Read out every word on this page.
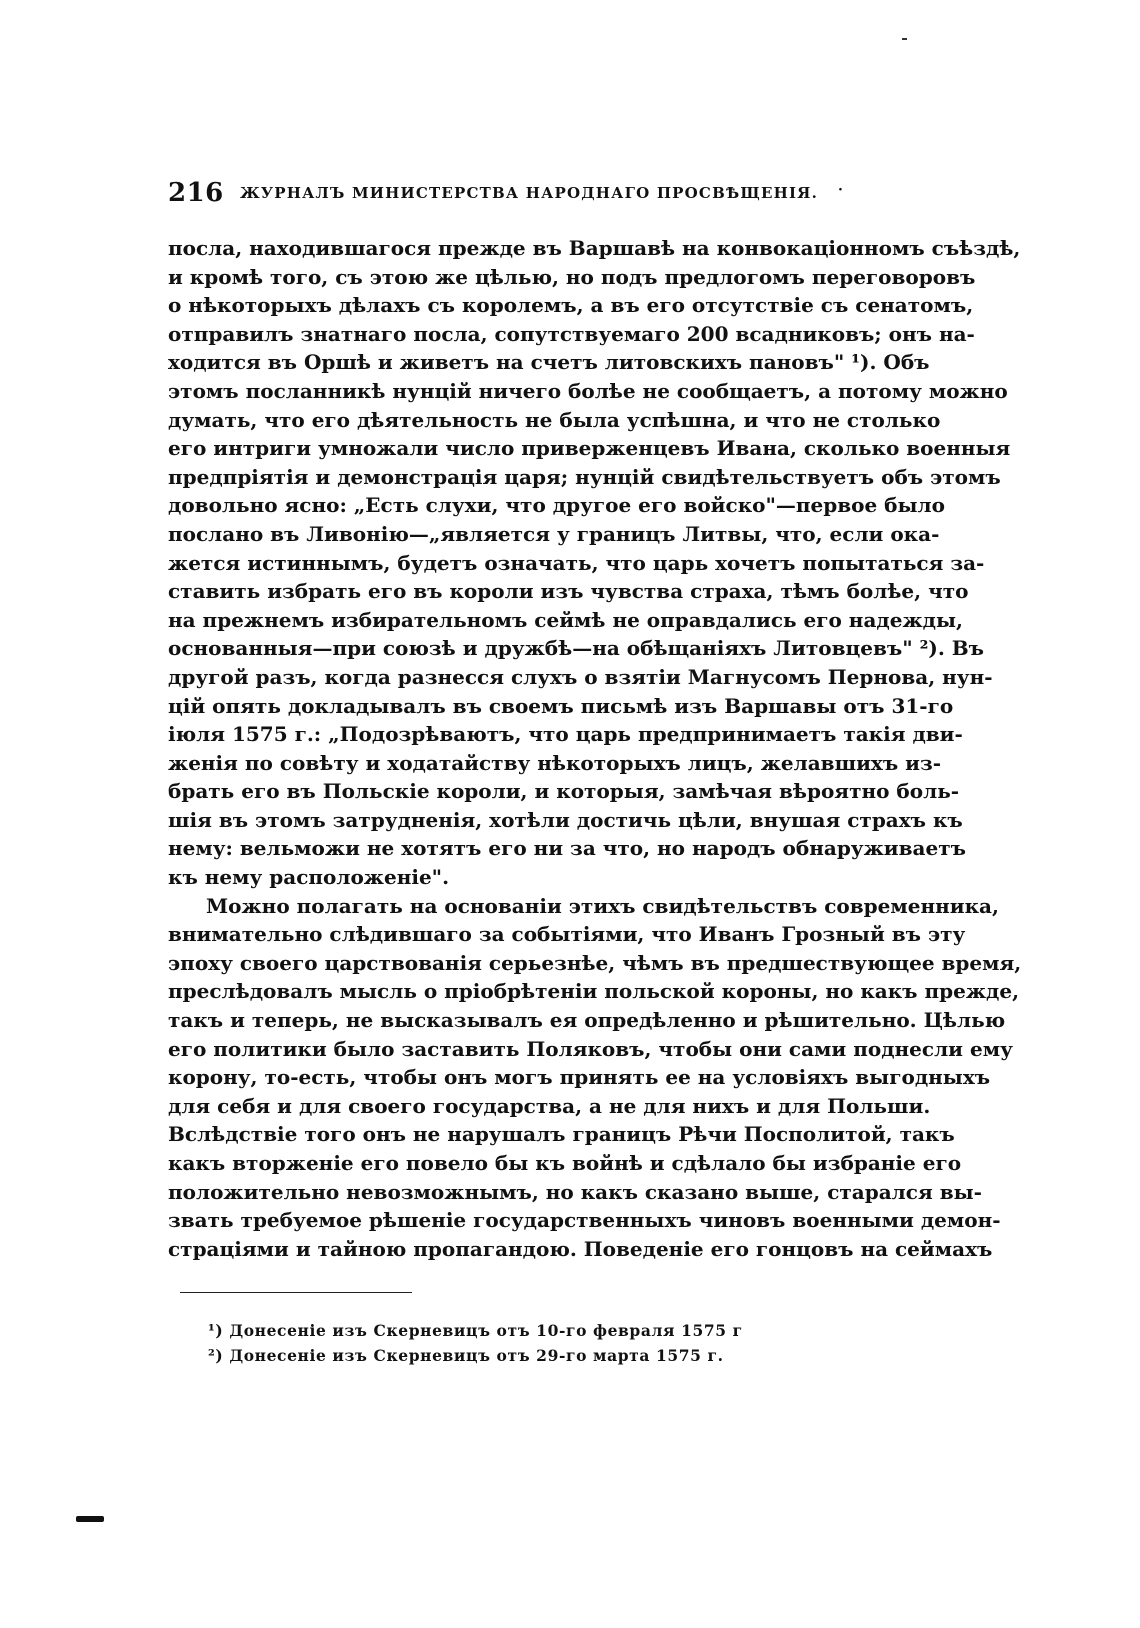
216 ЖУРНАЛЪ МИНИСТЕРСТВА НАРОДНАГО ПРОСВѢЩЕНІЯ. ·
посла, находившагося прежде въ Варшавѣ на конвокаціонномъ съѣздѣ,
и кромѣ того, съ этою же цѣлью, но подъ предлогомъ переговоровъ
о нѣкоторыхъ дѣлахъ съ королемъ, а въ его отсутствіе съ сенатомъ,
отправилъ знатнаго посла, сопутствуемаго 200 всадниковъ; онъ на-
ходится въ Оршѣ и живетъ на счетъ литовскихъ пановъ" ¹). Объ
этомъ посланникѣ нунцій ничего болѣе не сообщаетъ, а потому можно
думать, что его дѣятельность не была успѣшна, и что не столько
его интриги умножали число приверженцевъ Ивана, сколько военныя
предпріятія и демонстрація царя; нунцій свидѣтельствуетъ объ этомъ
довольно ясно: „Есть слухи, что другое его войско"—первое было
послано въ Ливонію—„является у границъ Литвы, что, если ока-
жется истиннымъ, будетъ означать, что царь хочетъ попытаться за-
ставить избрать его въ короли изъ чувства страха, тѣмъ болѣе, что
на прежнемъ избирательномъ сеймѣ не оправдались его надежды,
основанныя—при союзѣ и дружбѣ—на обѣщаніяхъ Литовцевъ" ²). Въ
другой разъ, когда разнесся слухъ о взятіи Магнусомъ Пернова, нун-
цій опять докладывалъ въ своемъ письмѣ изъ Варшавы отъ 31-го
іюля 1575 г.: „Подозрѣваютъ, что царь предпринимаетъ такія дви-
женія по совѣту и ходатайству нѣкоторыхъ лицъ, желавшихъ из-
брать его въ Польскіе короли, и которыя, замѣчая вѣроятно боль-
шія въ этомъ затрудненія, хотѣли достичь цѣли, внушая страхъ къ
нему: вельможи не хотятъ его ни за что, но народъ обнаруживаетъ
къ нему расположеніе".
Можно полагать на основаніи этихъ свидѣтельствъ современника,
внимательно слѣдившаго за событіями, что Иванъ Грозный въ эту
эпоху своего царствованія серьезнѣе, чѣмъ въ предшествующее время,
преслѣдовалъ мысль о пріобрѣтеніи польской короны, но какъ прежде,
такъ и теперь, не высказывалъ ея опредѣленно и рѣшительно. Цѣлью
его политики было заставить Поляковъ, чтобы они сами поднесли ему
корону, то-есть, чтобы онъ могъ принять ее на условіяхъ выгодныхъ
для себя и для своего государства, а не для нихъ и для Польши.
Вслѣдствіе того онъ не нарушалъ границъ Рѣчи Посполитой, такъ
какъ вторженіе его повело бы къ войнѣ и сдѣлало бы избраніе его
положительно невозможнымъ, но какъ сказано выше, старался вы-
звать требуемое рѣшеніе государственныхъ чиновъ военными демон-
страціями и тайною пропагандою. Поведеніе его гонцовъ на сеймахъ
¹) Донесеніе изъ Скерневицъ отъ 10-го февраля 1575 г
²) Донесеніе изъ Скерневицъ отъ 29-го марта 1575 г.
